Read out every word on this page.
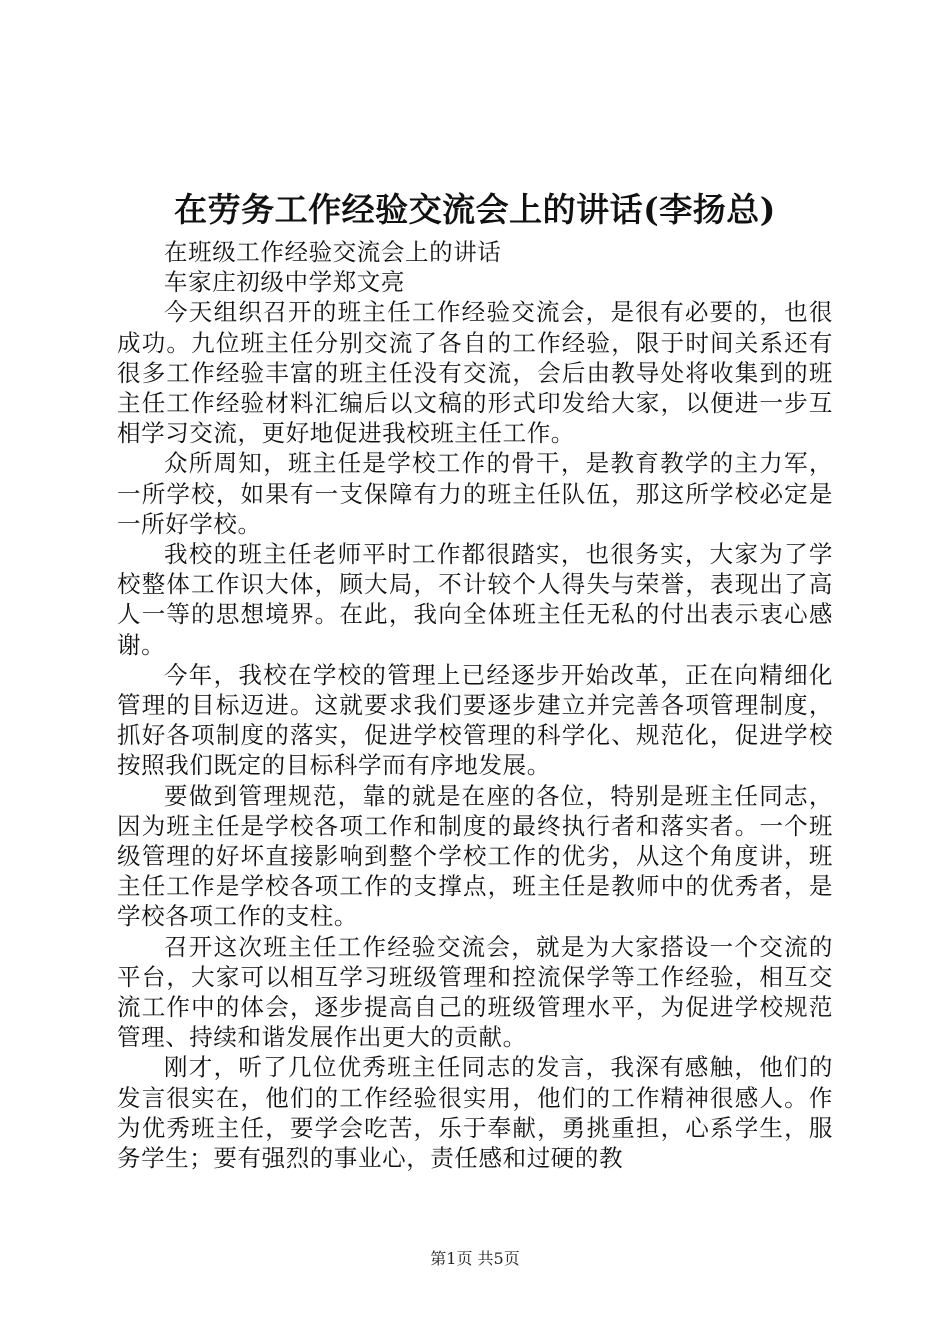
在劳务工作经验交流会上的讲话(李扬总)

在班级工作经验交流会上的讲话

车家庄初级中学郑文亮

今天组织召开的班主任工作经验交流会，是很有必要的，也很成功。九位班主任分别交流了各自的工作经验，限于时间关系还有很多工作经验丰富的班主任没有交流，会后由教导处将收集到的班主任工作经验材料汇编后以文稿的形式印发给大家，以便进一步互相学习交流，更好地促进我校班主任工作。

众所周知，班主任是学校工作的骨干，是教育教学的主力军，一所学校，如果有一支保障有力的班主任队伍，那这所学校必定是一所好学校。

我校的班主任老师平时工作都很踏实，也很务实，大家为了学校整体工作识大体，顾大局，不计较个人得失与荣誉，表现出了高人一等的思想境界。在此，我向全体班主任无私的付出表示衷心感谢。

今年，我校在学校的管理上已经逐步开始改革，正在向精细化管理的目标迈进。这就要求我们要逐步建立并完善各项管理制度，抓好各项制度的落实，促进学校管理的科学化、规范化，促进学校按照我们既定的目标科学而有序地发展。

要做到管理规范，靠的就是在座的各位，特别是班主任同志，因为班主任是学校各项工作和制度的最终执行者和落实者。一个班级管理的好坏直接影响到整个学校工作的优劣，从这个角度讲，班主任工作是学校各项工作的支撑点，班主任是教师中的优秀者，是学校各项工作的支柱。

召开这次班主任工作经验交流会，就是为大家搭设一个交流的平台，大家可以相互学习班级管理和控流保学等工作经验，相互交流工作中的体会，逐步提高自己的班级管理水平，为促进学校规范管理、持续和谐发展作出更大的贡献。

刚才，听了几位优秀班主任同志的发言，我深有感触，他们的发言很实在，他们的工作经验很实用，他们的工作精神很感人。作为优秀班主任，要学会吃苦，乐于奉献，勇挑重担，心系学生，服务学生；要有强烈的事业心，责任感和过硬的教

第1页 共5页
